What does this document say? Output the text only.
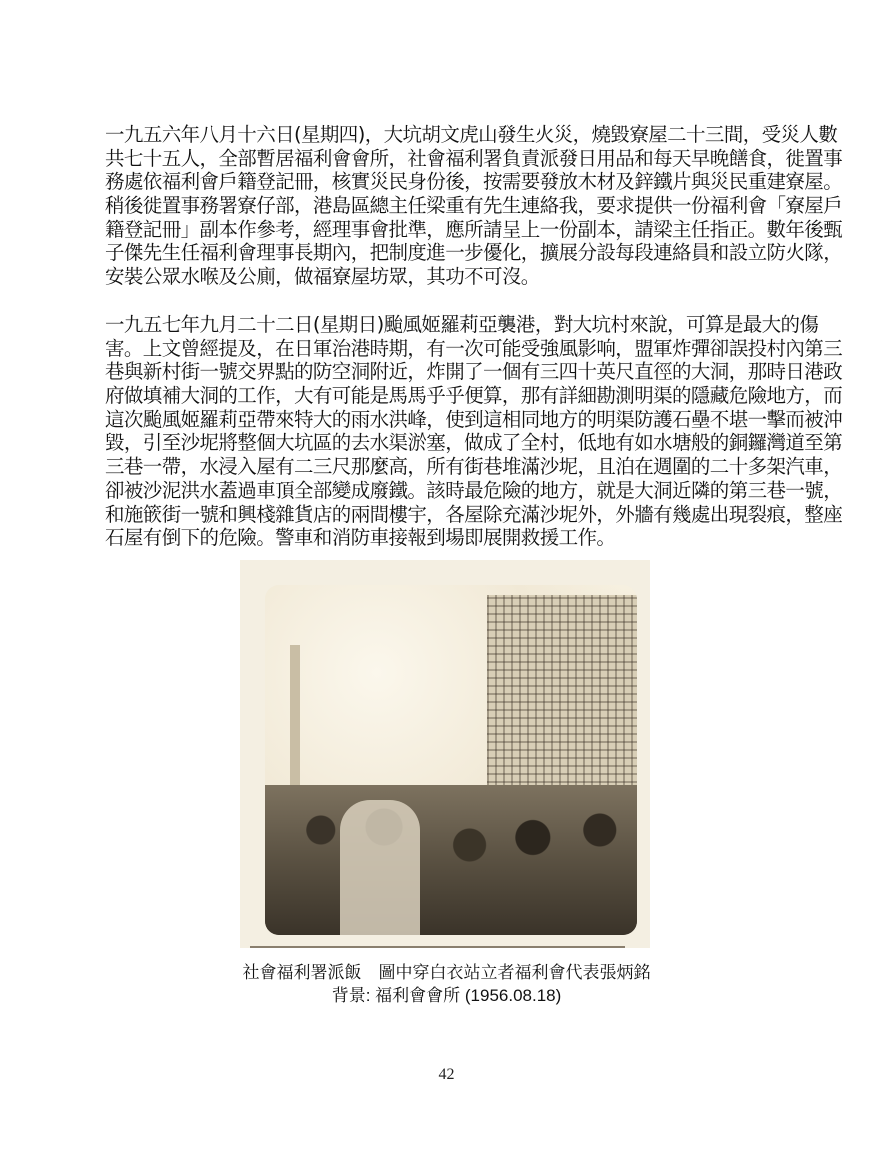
一九五六年八月十六日(星期四)，大坑胡文虎山發生火災，燒毀寮屋二十三間，受災人數
共七十五人，全部暫居福利會會所，社會福利署負責派發日用品和每天早晚饍食，徙置事
務處依福利會戶籍登記冊，核實災民身份後，按需要發放木材及鋅鐵片與災民重建寮屋。
稍後徙置事務署寮仔部，港島區總主任梁重有先生連絡我，要求提供一份福利會「寮屋戶
籍登記冊」副本作參考，經理事會批準，應所請呈上一份副本，請梁主任指正。數年後甄
子傑先生任福利會理事長期內，把制度進一步優化，擴展分設每段連絡員和設立防火隊，
安裝公眾水喉及公廁，做福寮屋坊眾，其功不可沒。
一九五七年九月二十二日(星期日)颱風姬羅莉亞襲港，對大坑村來說，可算是最大的傷
害。上文曾經提及，在日軍治港時期，有一次可能受強風影响，盟軍炸彈卻誤投村內第三
巷與新村街一號交界點的防空洞附近，炸開了一個有三四十英尺直徑的大洞，那時日港政
府做填補大洞的工作，大有可能是馬馬乎乎便算，那有詳細勘測明渠的隱藏危險地方，而
這次颱風姬羅莉亞帶來特大的雨水洪峰，使到這相同地方的明渠防護石壘不堪一擊而被沖
毀，引至沙坭將整個大坑區的去水渠淤塞，做成了全村，低地有如水塘般的銅鑼灣道至第
三巷一帶，水浸入屋有二三尺那麼高，所有街巷堆滿沙坭，且泊在週圍的二十多架汽車，
卻被沙泥洪水蓋過車頂全部變成廢鐵。該時最危險的地方，就是大洞近隣的第三巷一號，
和施篏街一號和興棧雜貨店的兩間樓宇，各屋除充滿沙坭外，外牆有幾處出現裂痕，整座
石屋有倒下的危險。警車和消防車接報到場即展開救援工作。
社會福利署派飯　圖中穿白衣站立者福利會代表張炳銘
背景: 福利會會所 (1956.08.18)
42
